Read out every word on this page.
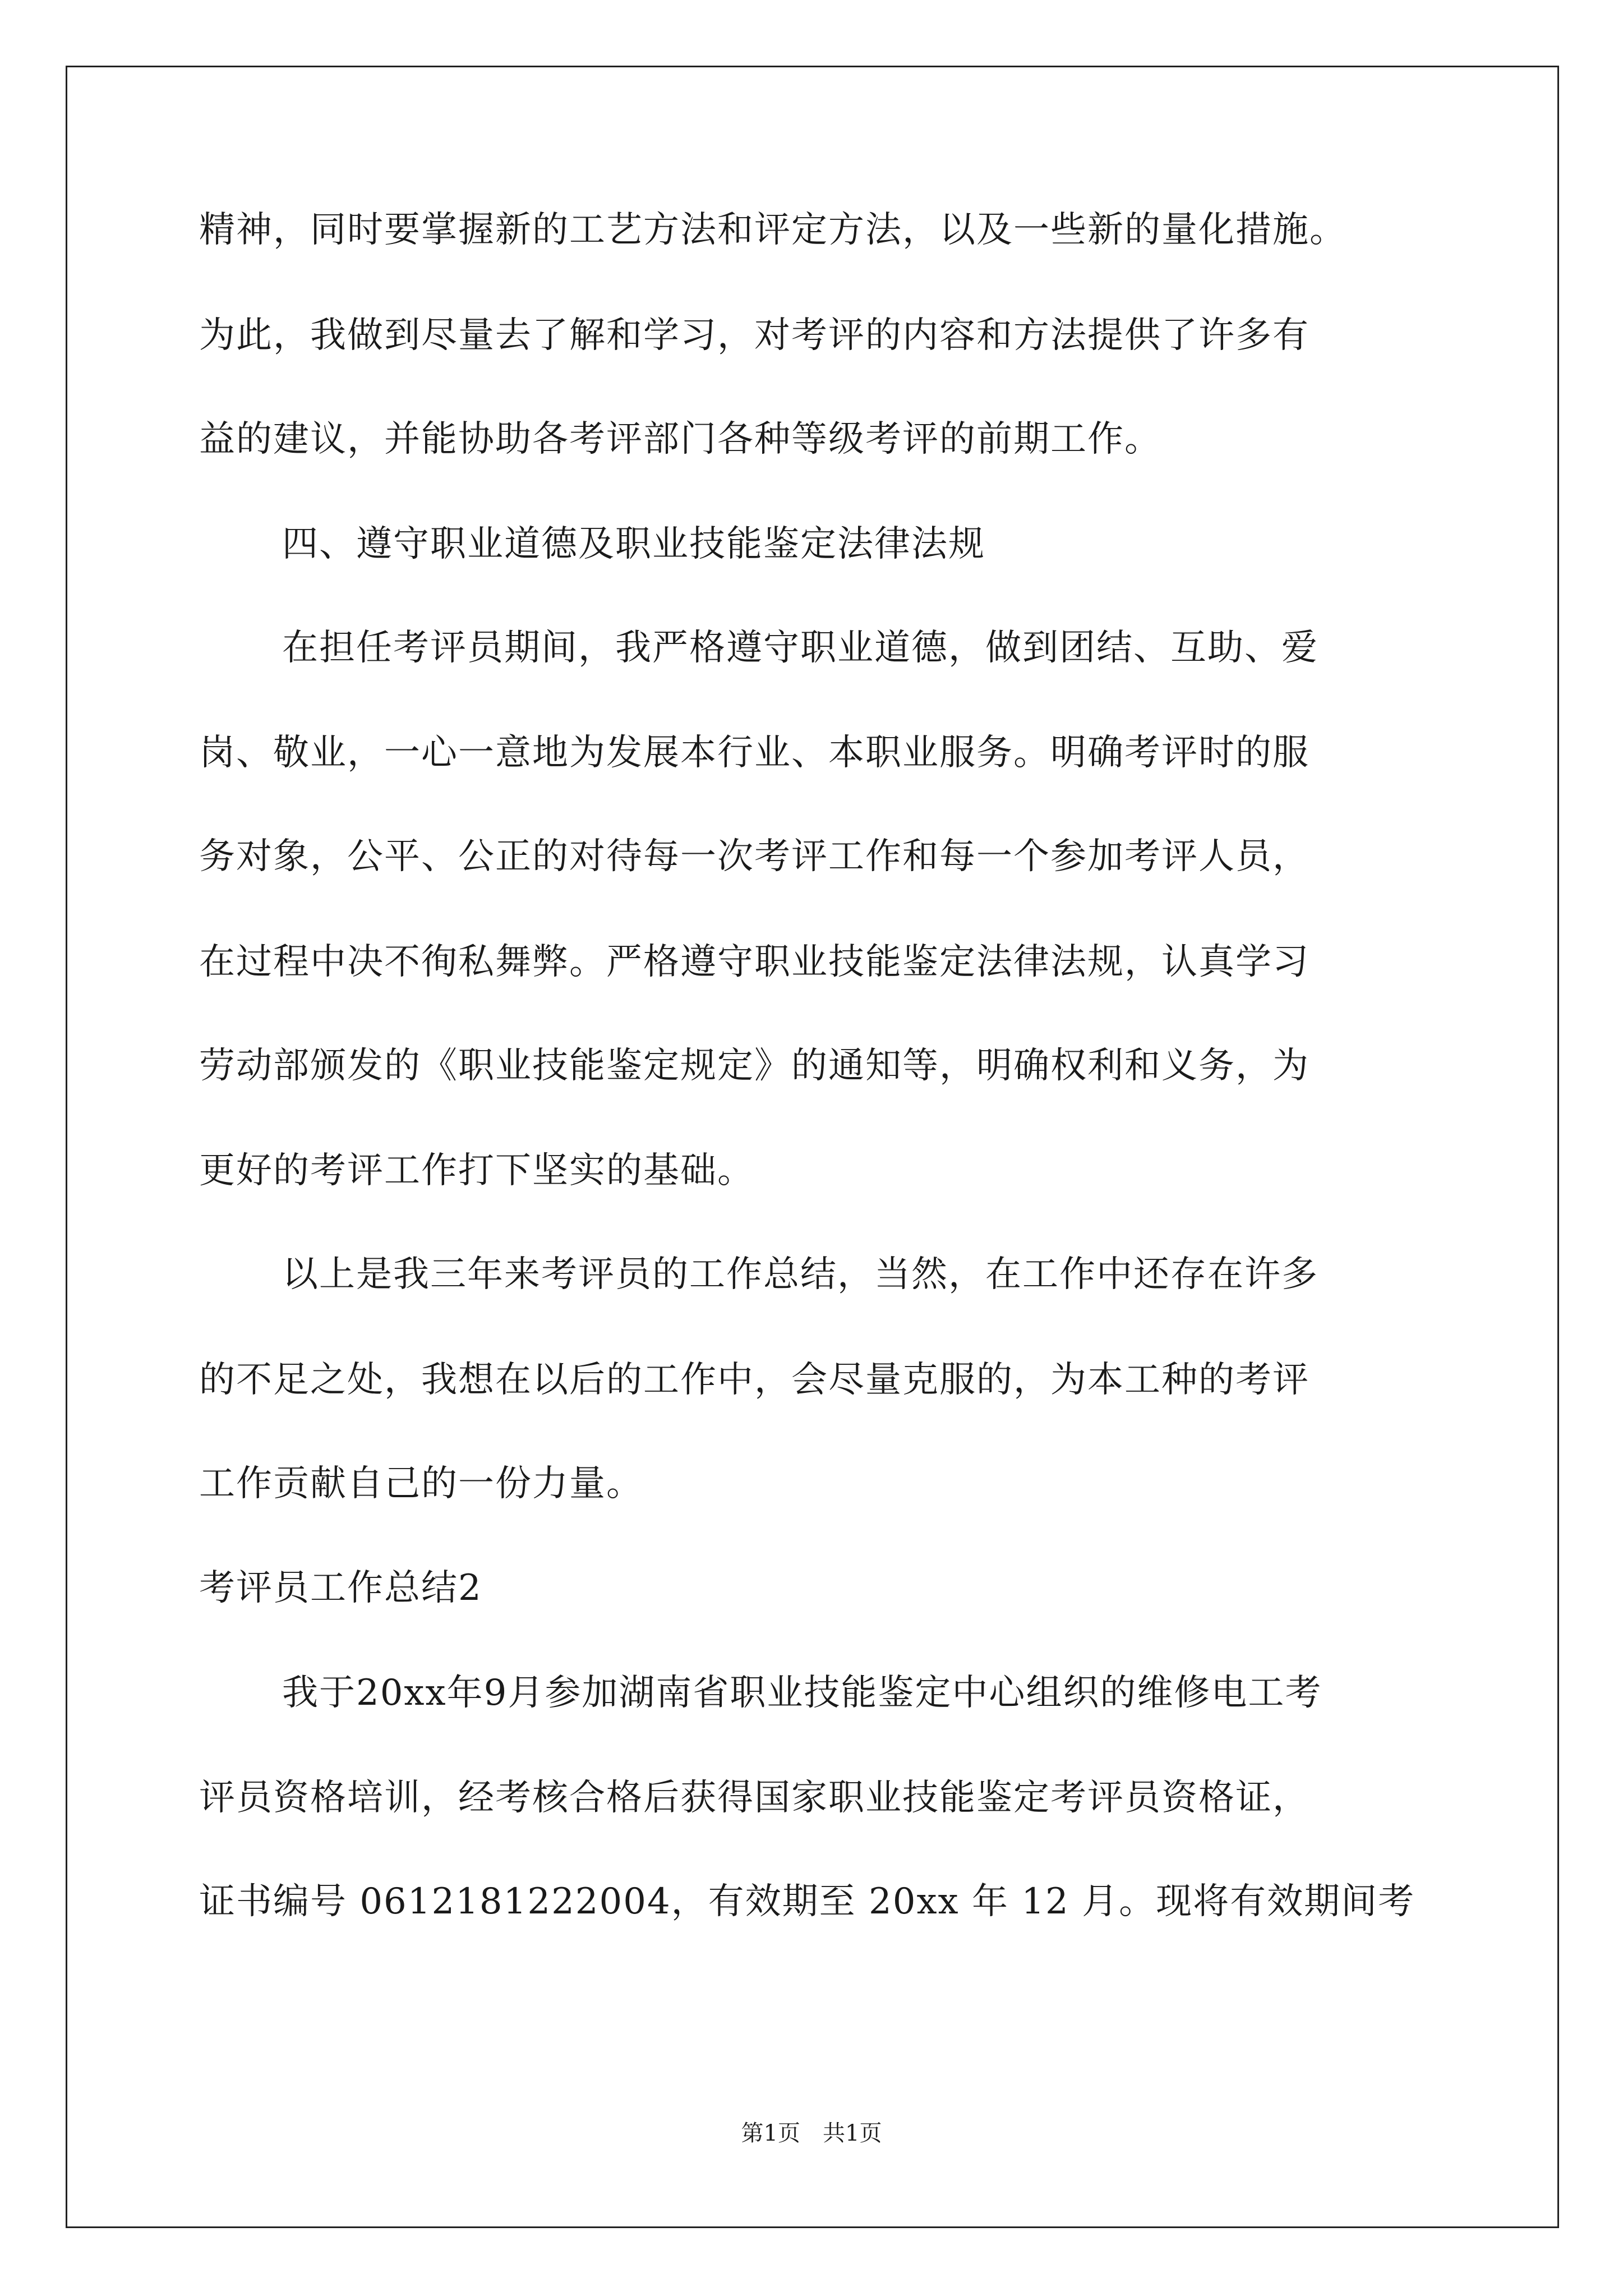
精神，同时要掌握新的工艺方法和评定方法，以及一些新的量化措施。
为此，我做到尽量去了解和学习，对考评的内容和方法提供了许多有
益的建议，并能协助各考评部门各种等级考评的前期工作。
四、遵守职业道德及职业技能鉴定法律法规
在担任考评员期间，我严格遵守职业道德，做到团结、互助、爱
岗、敬业，一心一意地为发展本行业、本职业服务。明确考评时的服
务对象，公平、公正的对待每一次考评工作和每一个参加考评人员，
在过程中决不徇私舞弊。严格遵守职业技能鉴定法律法规，认真学习
劳动部颁发的《职业技能鉴定规定》的通知等，明确权利和义务，为
更好的考评工作打下坚实的基础。
以上是我三年来考评员的工作总结，当然，在工作中还存在许多
的不足之处，我想在以后的工作中，会尽量克服的，为本工种的考评
工作贡献自己的一份力量。
考评员工作总结2
我于20xx年9月参加湖南省职业技能鉴定中心组织的维修电工考
评员资格培训，经考核合格后获得国家职业技能鉴定考评员资格证，
证书编号 0612181222004，有效期至 20xx 年 12 月。现将有效期间考
第1页　共1页
